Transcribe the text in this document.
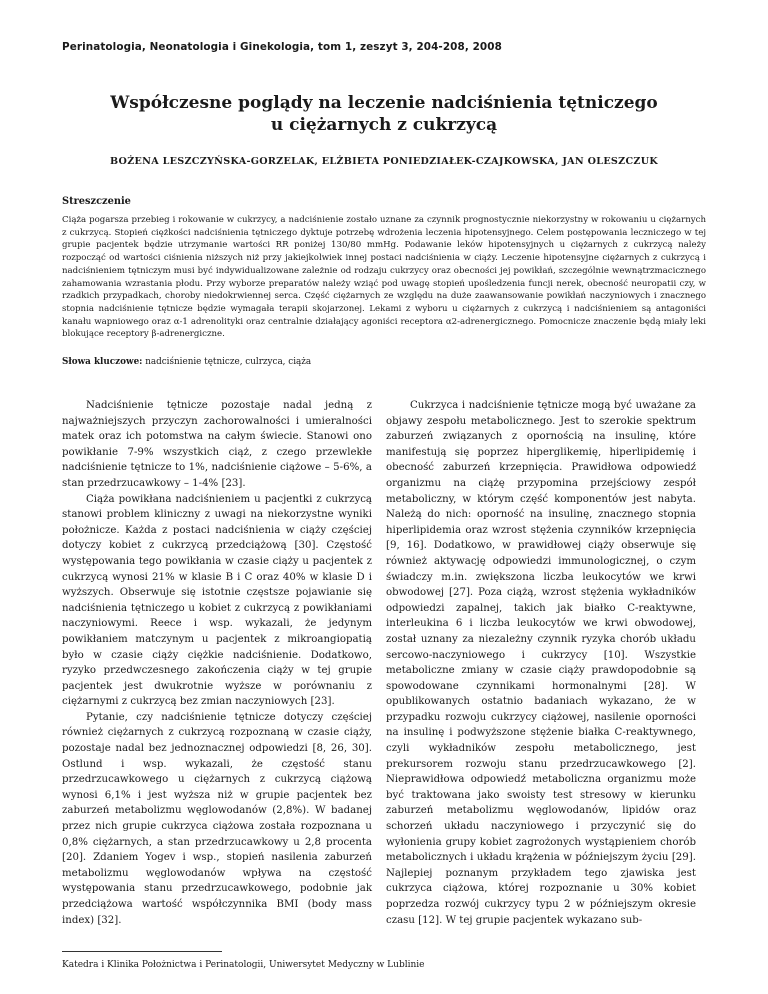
Perinatologia, Neonatologia i Ginekologia, tom 1, zeszyt 3, 204-208, 2008
Współczesne poglądy na leczenie nadciśnienia tętniczego
u ciężarnych z cukrzycą
BOŻENA LESZCZYŃSKA-GORZELAK, ELŻBIETA PONIEDZIAŁEK-CZAJKOWSKA, JAN OLESZCZUK
Streszczenie
Ciąża pogarsza przebieg i rokowanie w cukrzycy, a nadciśnienie zostało uznane za czynnik prognostycznie niekorzystny w rokowaniu u ciężarnych z cukrzycą. Stopień ciężkości nadciśnienia tętniczego dyktuje potrzebę wdrożenia leczenia hipotensyjnego. Celem postępowania leczniczego w tej grupie pacjentek będzie utrzymanie wartości RR poniżej 130/80 mmHg. Podawanie leków hipotensyjnych u ciężarnych z cukrzycą należy rozpocząć od wartości ciśnienia niższych niż przy jakiejkolwiek innej postaci nadciśnienia w ciąży. Leczenie hipotensyjne ciężarnych z cukrzycą i nadciśnieniem tętniczym musi być indywidualizowane zależnie od rodzaju cukrzycy oraz obecności jej powikłań, szczególnie wewnątrzmacicznego zahamowania wzrastania płodu. Przy wyborze preparatów należy wziąć pod uwagę stopień upośledzenia funcji nerek, obecność neuropatii czy, w rzadkich przypadkach, choroby niedokrwiennej serca. Część ciężarnych ze względu na duże zaawansowanie powikłań naczyniowych i znacznego stopnia nadciśnienie tętnicze będzie wymagała terapii skojarzonej. Lekami z wyboru u ciężarnych z cukrzycą i nadciśnieniem są antagoniści kanału wapniowego oraz α-1 adrenolityki oraz centralnie działający agoniści receptora α2-adrenergicznego. Pomocnicze znaczenie będą miały leki blokujące receptory β-adrenergiczne.
Słowa kluczowe: nadciśnienie tętnicze, culrzyca, ciąża

Nadciśnienie tętnicze pozostaje nadal jedną z najważniejszych przyczyn zachorowalności i umieralności matek oraz ich potomstwa na całym świecie. Stanowi ono powikłanie 7-9% wszystkich ciąż, z czego przewlekłe nadciśnienie tętnicze to 1%, nadciśnienie ciążowe – 5-6%, a stan przedrzucawkowy – 1-4% [23].

Ciąża powikłana nadciśnieniem u pacjentki z cukrzycą stanowi problem kliniczny z uwagi na niekorzystne wyniki położnicze. Każda z postaci nadciśnienia w ciąży częściej dotyczy kobiet z cukrzycą przedciążową [30]. Częstość występowania tego powikłania w czasie ciąży u pacjentek z cukrzycą wynosi 21% w klasie B i C oraz 40% w klasie D i wyższych. Obserwuje się istotnie częstsze pojawianie się nadciśnienia tętniczego u kobiet z cukrzycą z powikłaniami naczyniowymi. Reece i wsp. wykazali, że jedynym powikłaniem matczynym u pacjentek z mikroangiopatią było w czasie ciąży ciężkie nadciśnienie. Dodatkowo, ryzyko przedwczesnego zakończenia ciąży w tej grupie pacjentek jest dwukrotnie wyższe w porównaniu z ciężarnymi z cukrzycą bez zmian naczyniowych [23].

Pytanie, czy nadciśnienie tętnicze dotyczy częściej również ciężarnych z cukrzycą rozpoznaną w czasie ciąży, pozostaje nadal bez jednoznacznej odpowiedzi [8, 26, 30]. Ostlund i wsp. wykazali, że częstość stanu przedrzucawkowego u ciężarnych z cukrzycą ciążową wynosi 6,1% i jest wyższa niż w grupie pacjentek bez zaburzeń metabolizmu węglowodanów (2,8%). W badanej przez nich grupie cukrzyca ciążowa została rozpoznana u 0,8% ciężarnych, a stan przedrzucawkowy u 2,8 procenta [20]. Zdaniem Yogev i wsp., stopień nasilenia zaburzeń metabolizmu węglowodanów wpływa na częstość występowania stanu przedrzucawkowego, podobnie jak przedciążowa wartość współczynnika BMI (body mass index) [32].

Cukrzyca i nadciśnienie tętnicze mogą być uważane za objawy zespołu metabolicznego. Jest to szerokie spektrum zaburzeń związanych z opornością na insulinę, które manifestują się poprzez hiperglikemię, hiperlipidemię i obecność zaburzeń krzepnięcia. Prawidłowa odpowiedź organizmu na ciążę przypomina przejściowy zespół metaboliczny, w którym część komponentów jest nabyta. Należą do nich: oporność na insulinę, znacznego stopnia hiperlipidemia oraz wzrost stężenia czynników krzepnięcia [9, 16]. Dodatkowo, w prawidłowej ciąży obserwuje się również aktywację odpowiedzi immunologicznej, o czym świadczy m.in. zwiększona liczba leukocytów we krwi obwodowej [27]. Poza ciążą, wzrost stężenia wykładników odpowiedzi zapalnej, takich jak białko C-reaktywne, interleukina 6 i liczba leukocytów we krwi obwodowej, został uznany za niezależny czynnik ryzyka chorób układu sercowo-naczyniowego i cukrzycy [10]. Wszystkie metaboliczne zmiany w czasie ciąży prawdopodobnie są spowodowane czynnikami hormonalnymi [28]. W opublikowanych ostatnio badaniach wykazano, że w przypadku rozwoju cukrzycy ciążowej, nasilenie oporności na insulinę i podwyższone stężenie białka C-reaktywnego, czyli wykładników zespołu metabolicznego, jest prekursorem rozwoju stanu przedrzucawkowego [2]. Nieprawidłowa odpowiedź metaboliczna organizmu może być traktowana jako swoisty test stresowy w kierunku zaburzeń metabolizmu węglowodanów, lipidów oraz schorzeń układu naczyniowego i przyczynić się do wyłonienia grupy kobiet zagrożonych wystąpieniem chorób metabolicznych i układu krążenia w późniejszym życiu [29]. Najlepiej poznanym przykładem tego zjawiska jest cukrzyca ciążowa, której rozpoznanie u 30% kobiet poprzedza rozwój cukrzycy typu 2 w późniejszym okresie czasu [12]. W tej grupie pacjentek wykazano sub-

Katedra i Klinika Położnictwa i Perinatologii, Uniwersytet Medyczny w Lublinie
